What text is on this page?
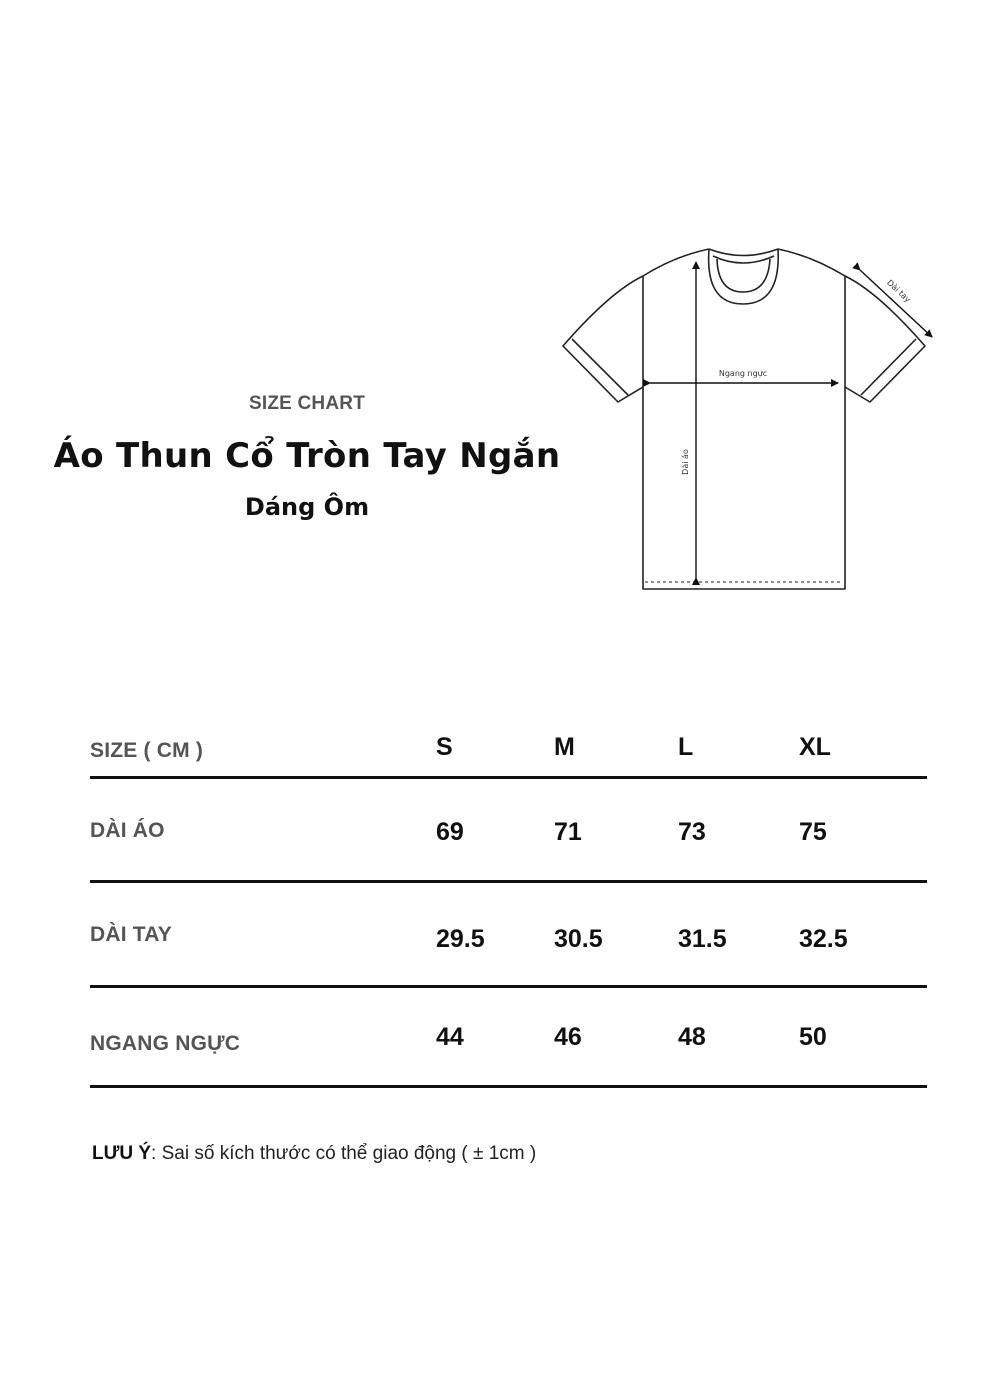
SIZE CHART
Áo Thun Cổ Tròn Tay Ngắn
Dáng Ôm
Ngang ngực
Dài áo
Dài tay
SIZE ( CM )	S	M	L	XL
DÀI ÁO	69	71	73	75
DÀI TAY	29.5	30.5	31.5	32.5
NGANG NGỰC	44	46	48	50
LƯU Ý: Sai số kích thước có thể giao động ( ± 1cm )
